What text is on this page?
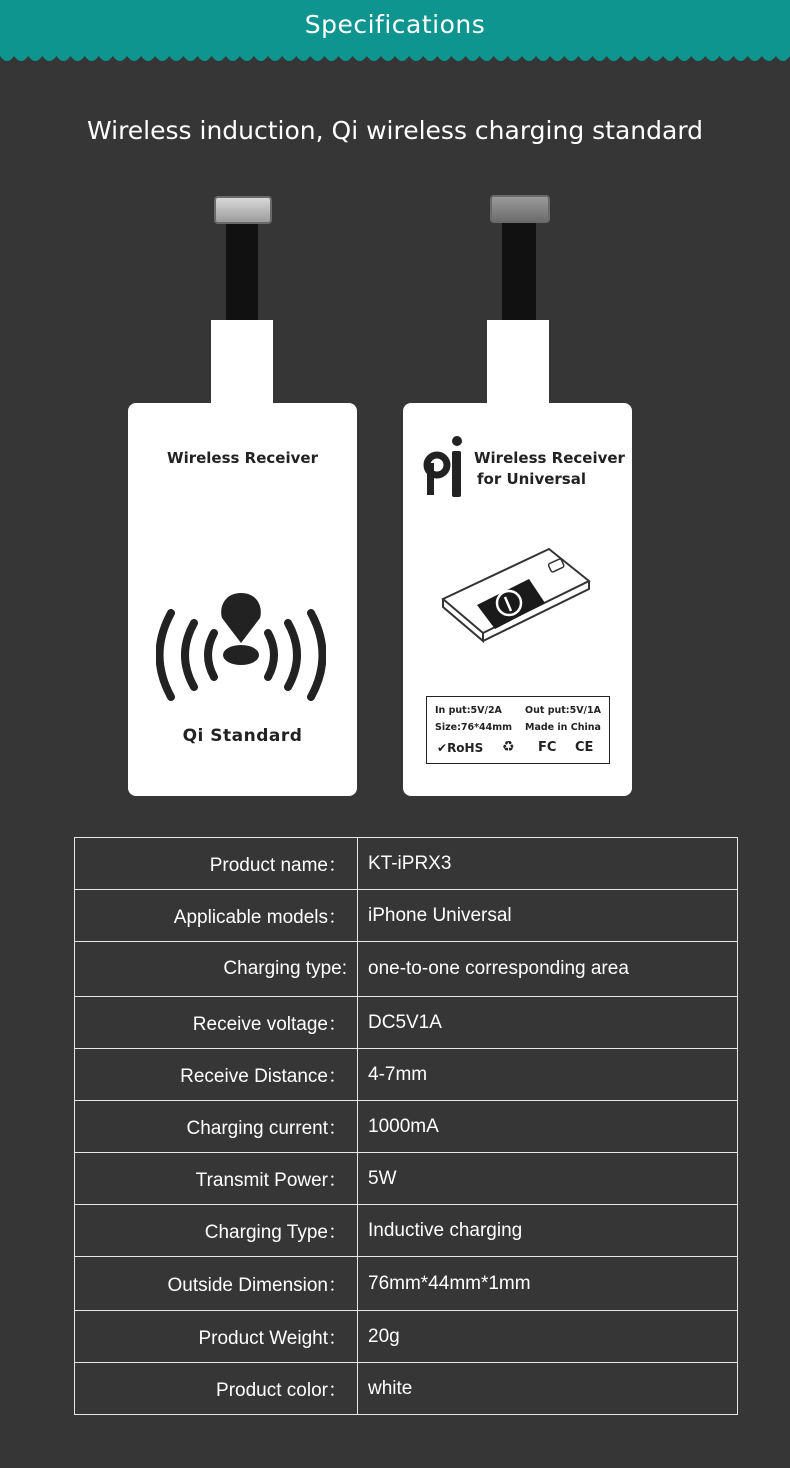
Specifications
Wireless induction, Qi wireless charging standard
Wireless Receiver
Qi Standard
Wireless Receiver
for Universal
In put:5V/2A Out put:5V/1A
Size:76*44mm Made in China
✔RoHS ♻ FC CE
Product name：	KT-iPRX3
Applicable models：	iPhone Universal
Charging type:	one-to-one corresponding area
Receive voltage：	DC5V1A
Receive Distance：	4-7mm
Charging current：	1000mA
Transmit Power：	5W
Charging Type：	Inductive charging
Outside Dimension：	76mm*44mm*1mm
Product Weight：	20g
Product color：	white
